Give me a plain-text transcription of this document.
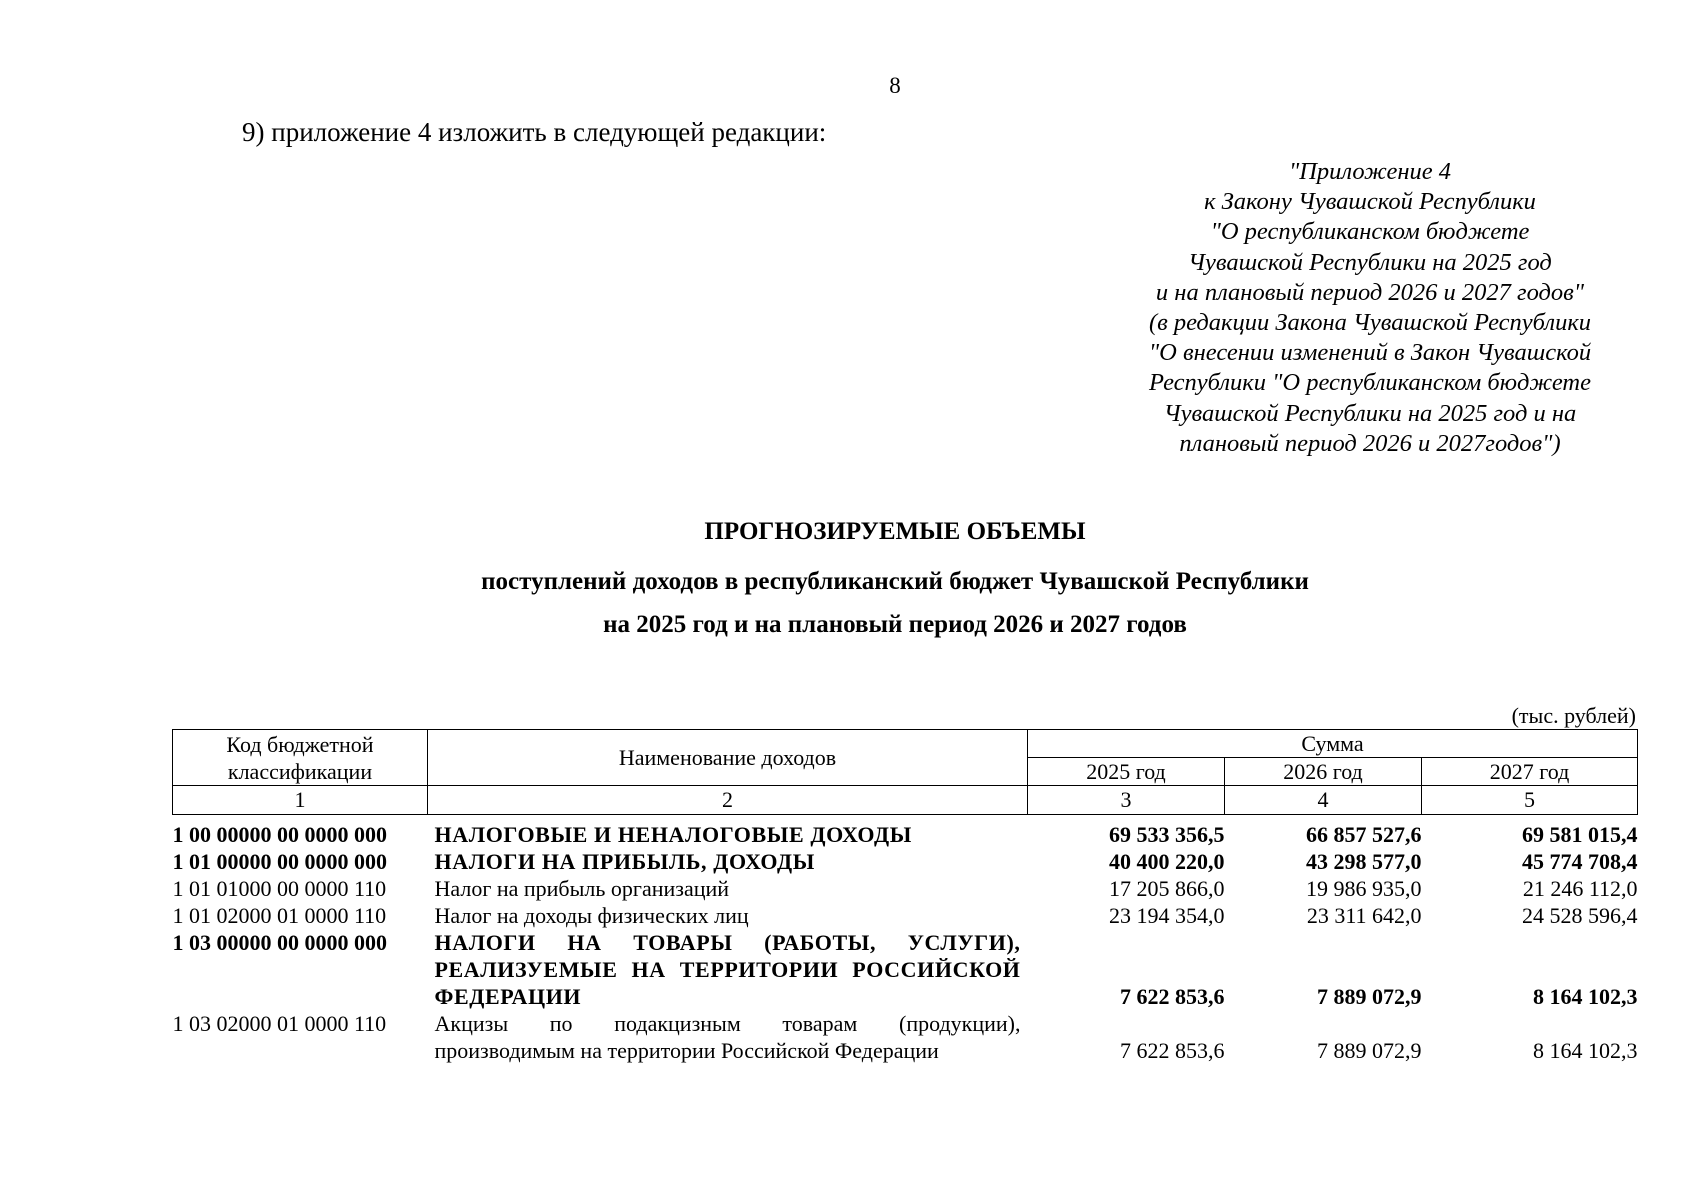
8
9) приложение 4 изложить в следующей редакции:
"Приложение 4
к Закону Чувашской Республики
"О республиканском бюджете
Чувашской Республики на 2025 год
и на плановый период 2026 и 2027 годов"
(в редакции Закона Чувашской Республики
"О внесении изменений в Закон Чувашской
Республики "О республиканском бюджете
Чувашской Республики на 2025 год и на
плановый период 2026 и 2027годов")
ПРОГНОЗИРУЕМЫЕ ОБЪЕМЫ
поступлений доходов в республиканский бюджет Чувашской Республики
на 2025 год и на плановый период 2026 и 2027 годов
(тыс. рублей)
Код бюджетной классификации	Наименование доходов	Сумма		
		2025 год	2026 год	2027 год
1	2	3	4	5

1 00 00000 00 0000 000	НАЛОГОВЫЕ И НЕНАЛОГОВЫЕ ДОХОДЫ	69 533 356,5	66 857 527,6	69 581 015,4
1 01 00000 00 0000 000	НАЛОГИ НА ПРИБЫЛЬ, ДОХОДЫ	40 400 220,0	43 298 577,0	45 774 708,4
1 01 01000 00 0000 110	Налог на прибыль организаций	17 205 866,0	19 986 935,0	21 246 112,0
1 01 02000 01 0000 110	Налог на доходы физических лиц	23 194 354,0	23 311 642,0	24 528 596,4
1 03 00000 00 0000 000	НАЛОГИ НА ТОВАРЫ (РАБОТЫ, УСЛУГИ), РЕАЛИЗУЕМЫЕ НА ТЕРРИТОРИИ РОССИЙСКОЙ ФЕДЕРАЦИИ	7 622 853,6	7 889 072,9	8 164 102,3
1 03 02000 01 0000 110	Акцизы по подакцизным товарам (продукции), производимым на территории Российской Федерации	7 622 853,6	7 889 072,9	8 164 102,3
